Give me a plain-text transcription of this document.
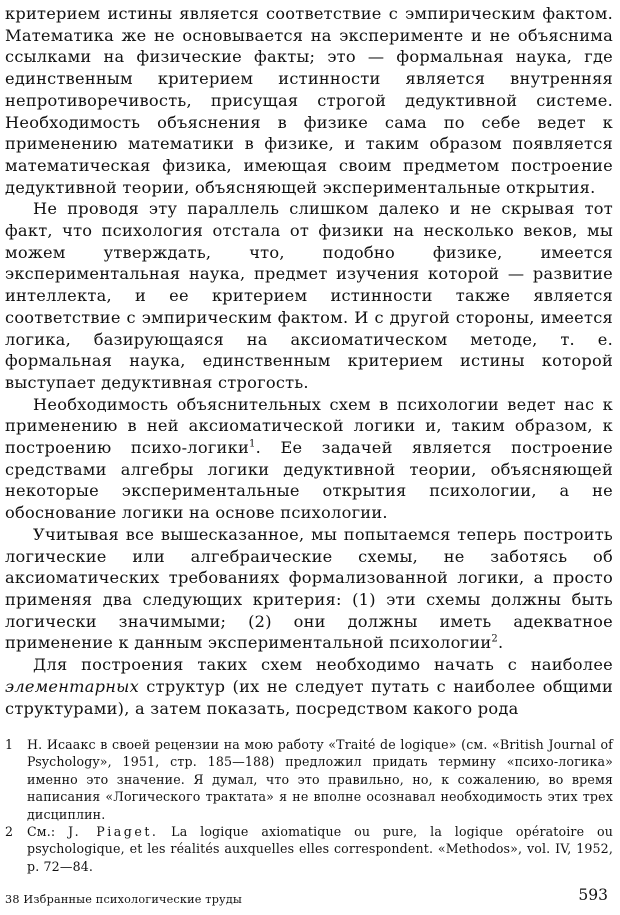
критерием истины является соответствие с эмпирическим фактом. Математика же не основывается на эксперименте и не объяснима ссылками на физические факты; это — формальная наука, где единственным критерием истинности является внутренняя непротиворечивость, присущая строгой дедуктивной системе. Необходимость объяснения в физике сама по себе ведет к применению математики в физике, и таким образом появляется математическая физика, имеющая своим предметом построение дедуктивной теории, объясняющей экспериментальные открытия.

Не проводя эту параллель слишком далеко и не скрывая тот факт, что психология отстала от физики на несколько веков, мы можем утверждать, что, подобно физике, имеется экспериментальная наука, предмет изучения которой — развитие интеллекта, и ее критерием истинности также является соответствие с эмпирическим фактом. И с другой стороны, имеется логика, базирующаяся на аксиоматическом методе, т. е. формальная наука, единственным критерием истины которой выступает дедуктивная строгость.

Необходимость объяснительных схем в психологии ведет нас к применению в ней аксиоматической логики и, таким образом, к построению психо-логики$^1$. Ее задачей является построение средствами алгебры логики дедуктивной теории, объясняющей некоторые экспериментальные открытия психологии, а не обоснование логики на основе психологии.

Учитывая все вышесказанное, мы попытаемся теперь построить логические или алгебраические схемы, не заботясь об аксиоматических требованиях формализованной логики, а просто применяя два следующих критерия: (1) эти схемы должны быть логически значимыми; (2) они должны иметь адекватное применение к данным экспериментальной психологии$^2$.

Для построения таких схем необходимо начать с наиболее элементарных структур (их не следует путать с наиболее общими структурами), а затем показать, посредством какого рода

1 Н. Исаакс в своей рецензии на мою работу «Traité de logique» (см. «British Journal of Psychology», 1951, стр. 185—188) предложил придать термину «психо-логика» именно это значение. Я думал, что это правильно, но, к сожалению, во время написания «Логического трактата» я не вполне осознавал необходимость этих трех дисциплин.

2 См.: J. Piaget. La logique axiomatique ou pure, la logique opératoire ou psychologique, et les réalités auxquelles elles correspondent. «Methodos», vol. IV, 1952, p. 72—84.

38 Избранные психологические труды	593
